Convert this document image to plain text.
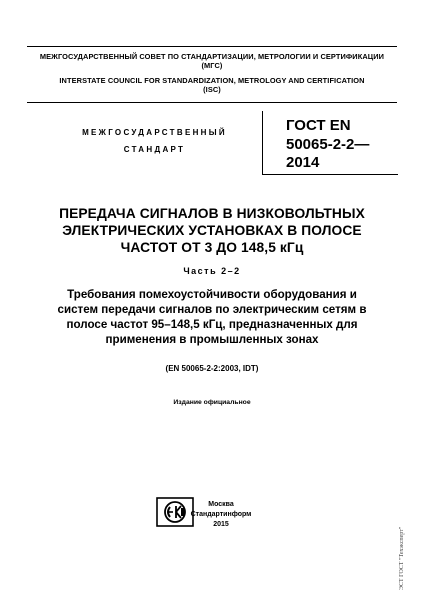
МЕЖГОСУДАРСТВЕННЫЙ СОВЕТ ПО СТАНДАРТИЗАЦИИ, МЕТРОЛОГИИ И СЕРТИФИКАЦИИ
(МГС)
INTERSTATE COUNCIL FOR STANDARDIZATION, METROLOGY AND CERTIFICATION
(ISC)
МЕЖГОСУДАРСТВЕННЫЙ
СТАНДАРТ
ГОСТ EN
50065-2-2—
2014
ПЕРЕДАЧА СИГНАЛОВ В НИЗКОВОЛЬТНЫХ
ЭЛЕКТРИЧЕСКИХ УСТАНОВКАХ В ПОЛОСЕ
ЧАСТОТ ОТ 3 ДО 148,5 кГц
Часть 2–2
Требования помехоустойчивости оборудования и
систем передачи сигналов по электрическим сетям в
полосе частот 95–148,5 кГц, предназначенных для
применения в промышленных зонах
(EN 50065-2-2:2003, IDT)
Издание официальное
Москва
Стандартинформ
2015
ЭСТ ГОСТ "Техэксперт"
